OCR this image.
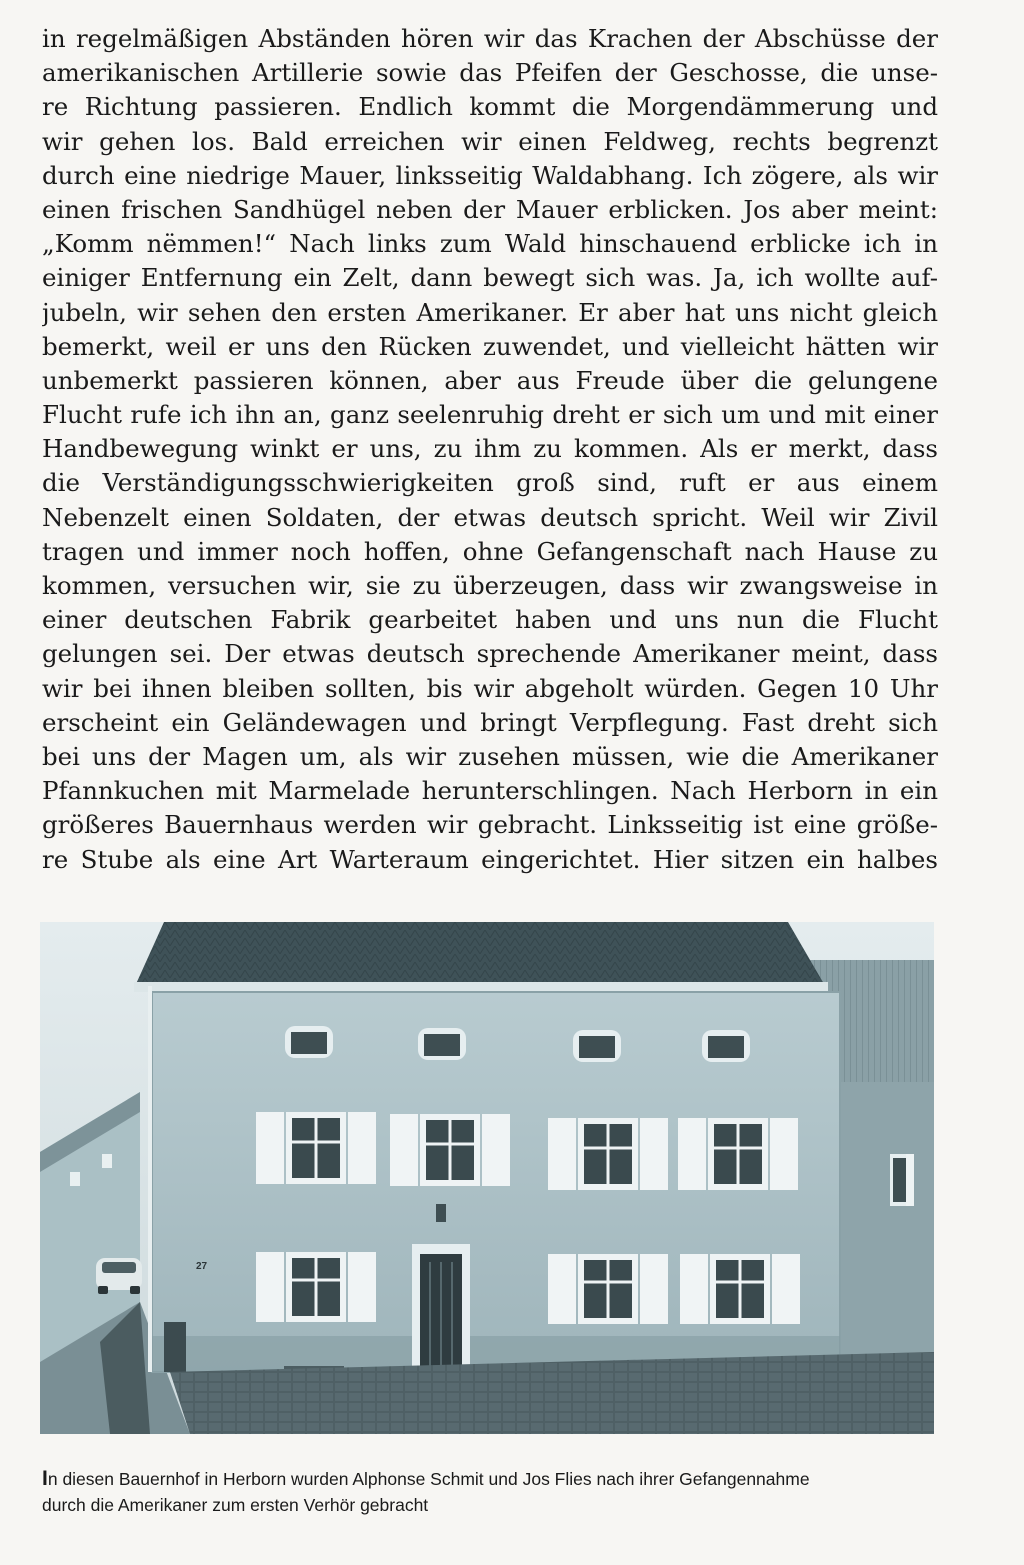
in regelmäßigen Abständen hören wir das Krachen der Abschüsse der
amerikanischen Artillerie sowie das Pfeifen der Geschosse, die unse-
re Richtung passieren. Endlich kommt die Morgendämmerung und
wir gehen los. Bald erreichen wir einen Feldweg, rechts begrenzt
durch eine niedrige Mauer, linksseitig Waldabhang. Ich zögere, als wir
einen frischen Sandhügel neben der Mauer erblicken. Jos aber meint:
„Komm nëmmen!“ Nach links zum Wald hinschauend erblicke ich in
einiger Entfernung ein Zelt, dann bewegt sich was. Ja, ich wollte auf-
jubeln, wir sehen den ersten Amerikaner. Er aber hat uns nicht gleich
bemerkt, weil er uns den Rücken zuwendet, und vielleicht hätten wir
unbemerkt passieren können, aber aus Freude über die gelungene
Flucht rufe ich ihn an, ganz seelenruhig dreht er sich um und mit einer
Handbewegung winkt er uns, zu ihm zu kommen. Als er merkt, dass
die Verständigungsschwierigkeiten groß sind, ruft er aus einem
Nebenzelt einen Soldaten, der etwas deutsch spricht. Weil wir Zivil
tragen und immer noch hoffen, ohne Gefangenschaft nach Hause zu
kommen, versuchen wir, sie zu überzeugen, dass wir zwangsweise in
einer deutschen Fabrik gearbeitet haben und uns nun die Flucht
gelungen sei. Der etwas deutsch sprechende Amerikaner meint, dass
wir bei ihnen bleiben sollten, bis wir abgeholt würden. Gegen 10 Uhr
erscheint ein Geländewagen und bringt Verpflegung. Fast dreht sich
bei uns der Magen um, als wir zusehen müssen, wie die Amerikaner
Pfannkuchen mit Marmelade herunterschlingen. Nach Herborn in ein
größeres Bauernhaus werden wir gebracht. Linksseitig ist eine größe-
re Stube als eine Art Warteraum eingerichtet. Hier sitzen ein halbes
27
In diesen Bauernhof in Herborn wurden Alphonse Schmit und Jos Flies nach ihrer Gefangennahme
durch die Amerikaner zum ersten Verhör gebracht
